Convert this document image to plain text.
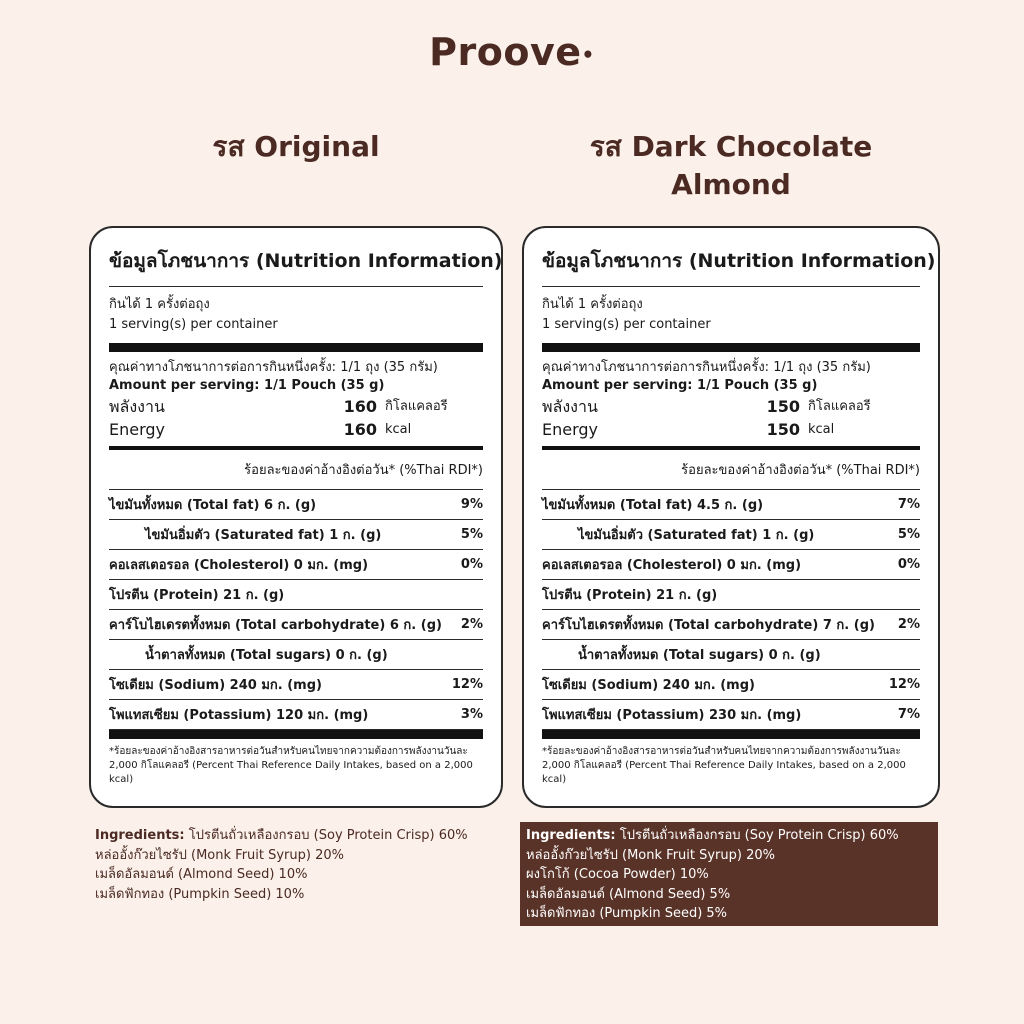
Proove•
รส Original	รส Dark Chocolate
Almond
ข้อมูลโภชนาการ (Nutrition Information)
กินได้ 1 ครั้งต่อถุง
1 serving(s) per container
คุณค่าทางโภชนาการต่อการกินหนึ่งครั้ง: 1/1 ถุง (35 กรัม)
Amount per serving: 1/1 Pouch (35 g)
พลังงาน	160 กิโลแคลอรี
Energy	160 kcal
ร้อยละของค่าอ้างอิงต่อวัน* (%Thai RDI*)
ไขมันทั้งหมด (Total fat) 6 ก. (g)	9%
ไขมันอิ่มตัว (Saturated fat) 1 ก. (g)	5%
คอเลสเตอรอล (Cholesterol) 0 มก. (mg)	0%
โปรตีน (Protein) 21 ก. (g)
คาร์โบไฮเดรตทั้งหมด (Total carbohydrate) 6 ก. (g) 2%
น้ำตาลทั้งหมด (Total sugars) 0 ก. (g)
โซเดียม (Sodium) 240 มก. (mg)	12%
โพแทสเซียม (Potassium) 120 มก. (mg)	3%
*ร้อยละของค่าอ้างอิงสารอาหารต่อวันสำหรับคนไทยจากความต้องการพลังงานวันละ 2,000 กิโลแคลอรี (Percent Thai Reference Daily Intakes, based on a 2,000 kcal)
ข้อมูลโภชนาการ (Nutrition Information)
กินได้ 1 ครั้งต่อถุง
1 serving(s) per container
คุณค่าทางโภชนาการต่อการกินหนึ่งครั้ง: 1/1 ถุง (35 กรัม)
Amount per serving: 1/1 Pouch (35 g)
พลังงาน	150 กิโลแคลอรี
Energy	150 kcal
ร้อยละของค่าอ้างอิงต่อวัน* (%Thai RDI*)
ไขมันทั้งหมด (Total fat) 4.5 ก. (g)	7%
ไขมันอิ่มตัว (Saturated fat) 1 ก. (g)	5%
คอเลสเตอรอล (Cholesterol) 0 มก. (mg)	0%
โปรตีน (Protein) 21 ก. (g)
คาร์โบไฮเดรตทั้งหมด (Total carbohydrate) 7 ก. (g) 2%
น้ำตาลทั้งหมด (Total sugars) 0 ก. (g)
โซเดียม (Sodium) 240 มก. (mg)	12%
โพแทสเซียม (Potassium) 230 มก. (mg)	7%
*ร้อยละของค่าอ้างอิงสารอาหารต่อวันสำหรับคนไทยจากความต้องการพลังงานวันละ 2,000 กิโลแคลอรี (Percent Thai Reference Daily Intakes, based on a 2,000 kcal)
Ingredients: โปรตีนถั่วเหลืองกรอบ (Soy Protein Crisp) 60%
หล่ออั้งก๊วยไซรัป (Monk Fruit Syrup) 20%
เมล็ดอัลมอนด์ (Almond Seed) 10%
เมล็ดฟักทอง (Pumpkin Seed) 10%
Ingredients: โปรตีนถั่วเหลืองกรอบ (Soy Protein Crisp) 60%
หล่ออั้งก๊วยไซรัป (Monk Fruit Syrup) 20%
ผงโกโก้ (Cocoa Powder) 10%
เมล็ดอัลมอนด์ (Almond Seed) 5%
เมล็ดฟักทอง (Pumpkin Seed) 5%
